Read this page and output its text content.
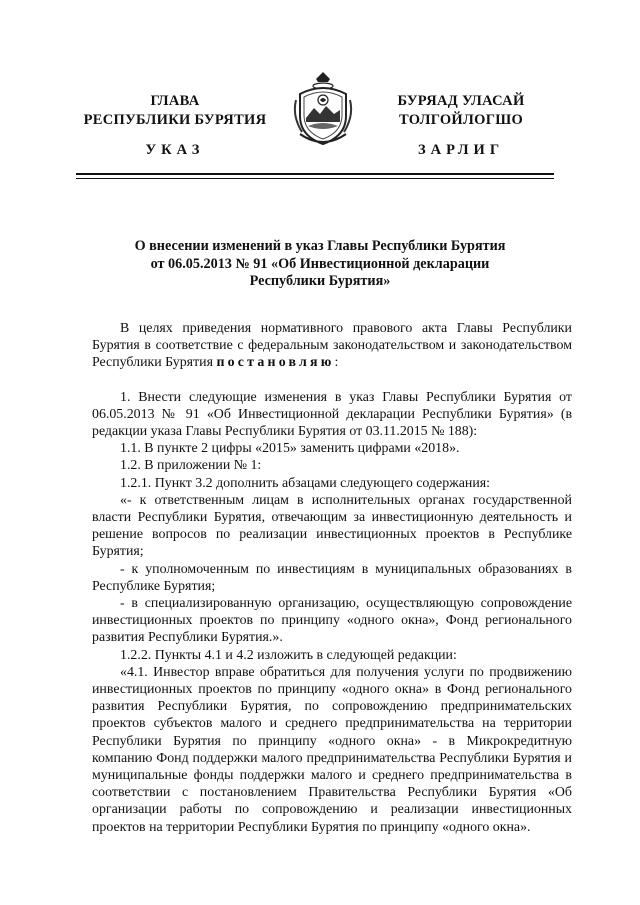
ГЛАВА
РЕСПУБЛИКИ БУРЯТИЯ
УКАЗ
БУРЯАД УЛАСАЙ
ТОЛГОЙЛОГШО
ЗАРЛИГ
О внесении изменений в указ Главы Республики Бурятия
от 06.05.2013 № 91 «Об Инвестиционной декларации
Республики Бурятия»

В целях приведения нормативного правового акта Главы Республики Бурятия в соответствие с федеральным законодательством и законодательством Республики Бурятия постановляю:

1. Внести следующие изменения в указ Главы Республики Бурятия от 06.05.2013 № 91 «Об Инвестиционной декларации Республики Бурятия» (в редакции указа Главы Республики Бурятия от 03.11.2015 № 188):

1.1. В пункте 2 цифры «2015» заменить цифрами «2018».

1.2. В приложении № 1:

1.2.1. Пункт 3.2 дополнить абзацами следующего содержания:

«- к ответственным лицам в исполнительных органах государственной власти Республики Бурятия, отвечающим за инвестиционную деятельность и решение вопросов по реализации инвестиционных проектов в Республике Бурятия;

- к уполномоченным по инвестициям в муниципальных образованиях в Республике Бурятия;

- в специализированную организацию, осуществляющую сопровождение инвестиционных проектов по принципу «одного окна», Фонд регионального развития Республики Бурятия.».

1.2.2. Пункты 4.1 и 4.2 изложить в следующей редакции:

«4.1. Инвестор вправе обратиться для получения услуги по продвижению инвестиционных проектов по принципу «одного окна» в Фонд регионального развития Республики Бурятия, по сопровождению предпринимательских проектов субъектов малого и среднего предпринимательства на территории Республики Бурятия по принципу «одного окна» - в Микрокредитную компанию Фонд поддержки малого предпринимательства Республики Бурятия и муниципальные фонды поддержки малого и среднего предпринимательства в соответствии с постановлением Правительства Республики Бурятия «Об организации работы по сопровождению и реализации инвестиционных проектов на территории Республики Бурятия по принципу «одного окна».
